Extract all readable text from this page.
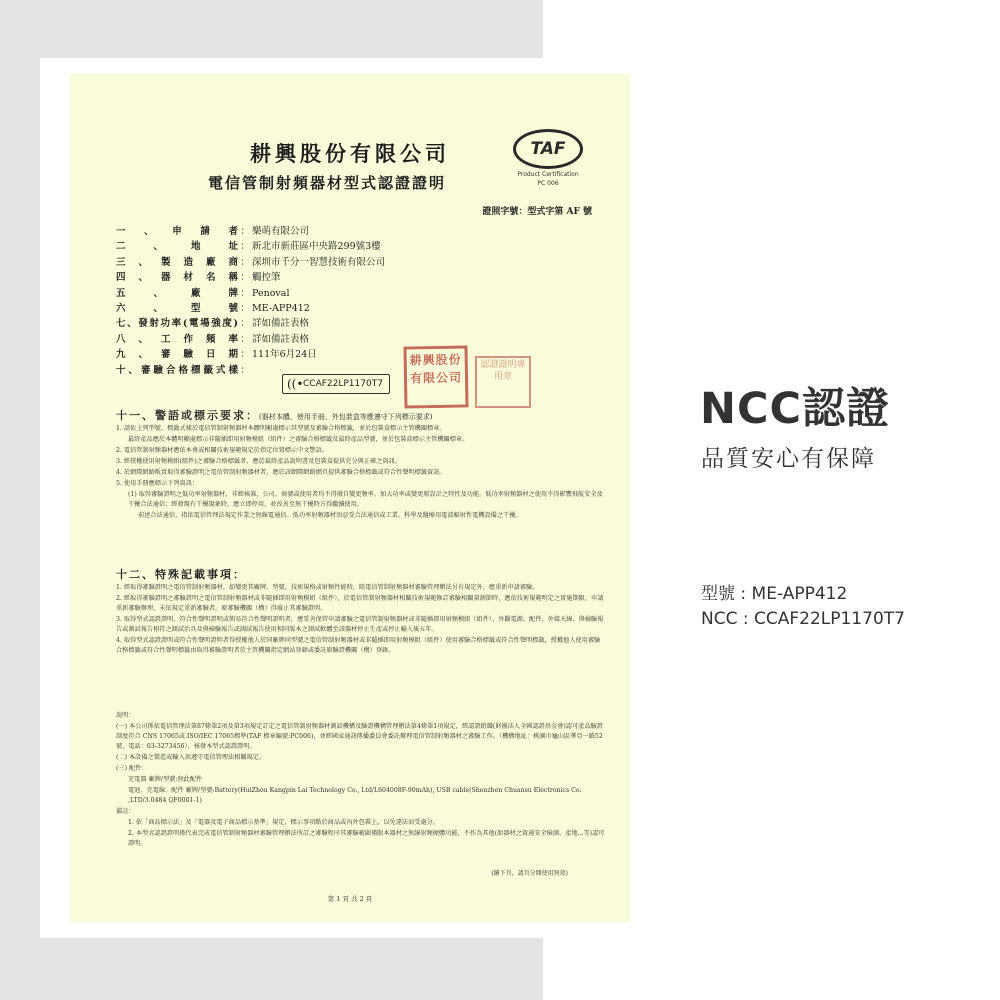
耕興股份有限公司
電信管制射頻器材型式認證證明
TAF
Product Certification
PC 006
證照字號：型式字第 AF 號
一、申請者 ： 樂萌有限公司
二、地址 ： 新北市新莊區中央路299號3樓
三、製造廠商 ： 深圳市千分一智慧技術有限公司
四、器材名稱 ： 觸控筆
五、廠牌 ： Penoval
六、型號 ： ME-APP412
七、發射功率(電場強度) ： 詳如備註表格
八、工作頻率 ： 詳如備註表格
九、審驗日期 ： 111年6月24日
十、審驗合格標籤式樣 ：
((• CCAF22LP1170T7
耕興股份有限公司
認證證明專用章
十一、警語或標示要求：(器材本體、使用手冊、外包裝盒等應遵守下列標示要求)
1. 請依上列型號、標籤式樣於電信管制射頻器材本體明顯處標示其型號及審驗合格標籤，並於包裝盒標示主管機關標章。
最終產品應於本體明顯處標示非隨插即用射頻模組（組件）之審驗合格標籤及最終產品型號，並於包裝盒標示主管機關標章。
2. 電信管制射頻器材應依本會或相關技術規範規定於指定位置標示中文警語。
3. 經授權使用射頻模組(組件)之審驗合格標籤者，應於最終產品說明書及包裝盒提供充分與正確之資訊。
4. 於網際網路販賣取得審驗證明之電信管制射頻器材者，應於該網際網路網頁提供審驗合格標籤或符合性聲明標籤資訊。
5. 使用手冊應標示下列資訊：
(1) 取得審驗證明之低功率射頻器材，非經核准，公司、商號或使用者均不得擅自變更頻率、加大功率或變更原設計之特性及功能。低功率射頻器材之使用不得影響飛航安全及干擾合法通信；經發現有干擾現象時，應立即停用，並改善至無干擾時方得繼續使用。
前述合法通信，指依電信管理法規定作業之無線電通信。低功率射頻器材須忍受合法通信或工業、科學及醫療用電波輻射性電機設備之干擾。
十二、特殊記載事項：
1. 經取得審驗證明之電信管制射頻器材，如變更其廠牌、型號、技術規格或射頻性能時，除電信管制射頻器材審驗管理辦法另有規定外，應重新申請審驗。
2. 經取得審驗證明之審驗證明之電信管制射頻器材或非隨插即用射頻模組（組件），於電信管制射頻器材相關技術規範修訂審驗相關量測節時，應依技術規範明定之實施期限，申請重新審驗辦理，未依規定重新審驗者，原審驗機關（構）得廢止其審驗證明。
3. 取得型式認證證明、符合性聲明證明或簡易符合性聲明證明者，應妥善保管申請審驗之電信管制射頻器材或非隨插即用射頻模組（組件）、外觀電源、配件、外接天線、與檢驗報告或測試報告相符之測試治具及與檢驗報告或測試報告使用相同版本之測試軟體至該器材停止生產或停止輸入後五年。
4. 取得型式認證證明或符合性聲明證明者得授權他人於同廠牌同型號之電信管制射頻器材或非隨插即用射頻模組（組件）使用審驗合格標籤或符合性聲明標籤，授權他人使用審驗合格標籤或符合性聲明標籤由取得審驗證明者於主管機關指定網站登錄或委託原驗證機關（構）登錄。
說明：
(一) 本公司係依電信管理法第87條第2項及第3項規定訂定之電信管制射頻器材測試機構及驗證機構管理辦法第4條第1項規定，經認證組織(財團法人全國認證基金會)認可產品驗證制度符合 CNS 17065或 ISO/IEC 17065標準(TAF 標章編號:PC006)，並經國家通訊傳播委員會委託辦理電信管制射頻器材之審驗工作。（機構地址：桃園市龜山區華亞一路52號，電話：03-3273456），核發本型式認證證明。
(二) 本設備之製造或輸入須遵守電信管理法相關規定。
(三) 配件：
充電器 廠牌/型號:無此配件
電池、充電線、配件 廠牌/型號:Battery(HuiZhou Kangpin Lai Technology Co., Ltd/L604008F-90mAh), USB cable(Shenzhen Chuansu Electronics Co. ,LTD/3.0484 QF0001-1)
備註：
1. 依「商品標示法」及「電器及電子商品標示基準」規定，標示事項點於商品或內外包裝上，以免違法而受處分。
2. 本型式認證證明僅代表完成電信管制射頻器材審驗管理辦法所訂之審驗程序其審驗範圍僅限本器材之無線射頻硬體功能，不作為其他(如器材之資通安全檢測、產地...等)認可證明。
(續下頁，請頁分開使用無效)
第 1 頁 共 2 頁
NCC認證
品質安心有保障
型號 : ME-APP412
NCC : CCAF22LP1170T7
